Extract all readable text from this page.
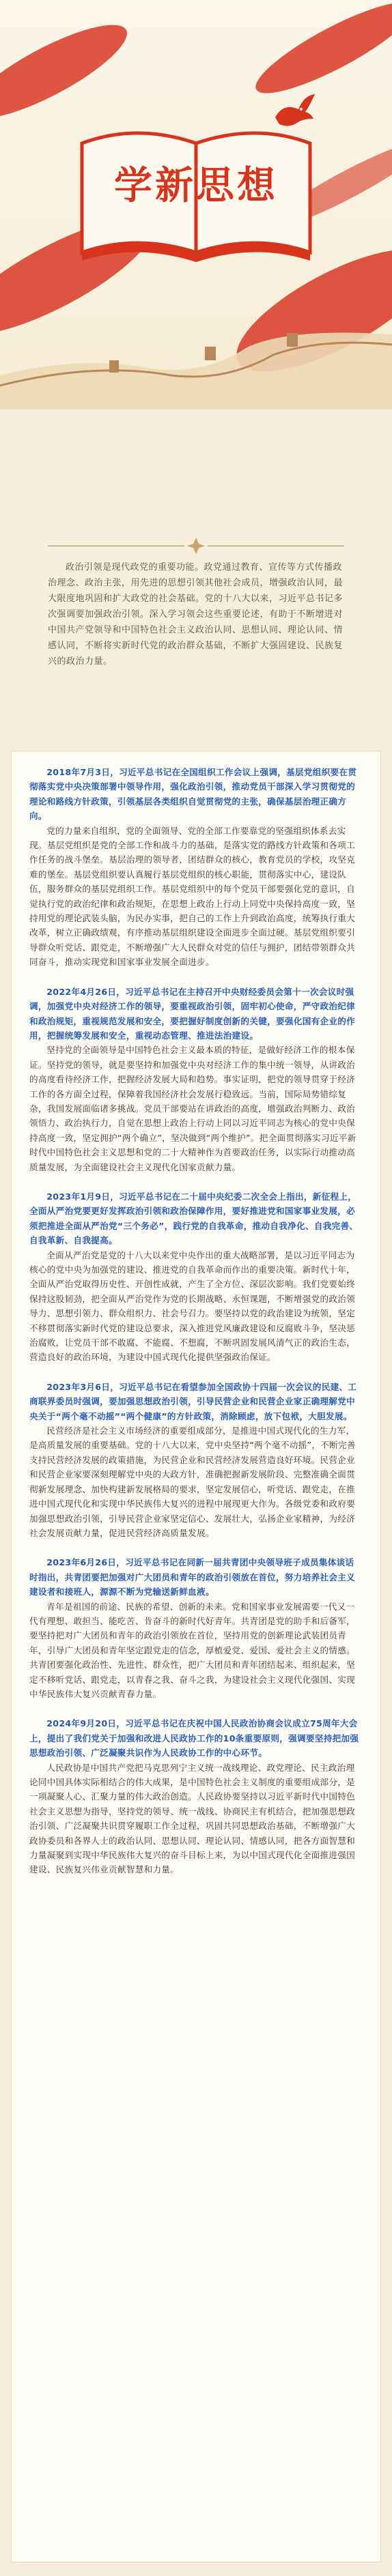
学新思想
政治引领是现代政党的重要功能。政党通过教育、宣传等方式传播政治理念、政治主张，用先进的思想引领其他社会成员，增强政治认同，最大限度地巩固和扩大政党的社会基础。党的十八大以来，习近平总书记多次强调要加强政治引领。深入学习领会这些重要论述，有助于不断增进对中国共产党领导和中国特色社会主义政治认同、思想认同、理论认同、情感认同，不断将实新时代党的政治群众基础，不断扩大强固建设、民族复兴的政治力量。
2018年7月3日，习近平总书记在全国组织工作会议上强调，基层党组织要在贯彻落实党中央决策部署中领导作用，强化政治引领，推动党员干部深入学习贯彻党的理论和路线方针政策，引领基层各类组织自觉贯彻党的主张，确保基层治理正确方向。
党的力量来自组织，党的全面领导、党的全部工作要靠党的坚强组织体系去实现。基层党组织是党的全部工作和战斗力的基础，是落实党的路线方针政策和各项工作任务的战斗堡垒。基层治理的领导者，团结群众的核心，教育党员的学校，攻坚克难的堡垒。基层党组织要认真履行基层党组织的核心职能，贯彻落实中心，建设队伍，服务群众的基层党组织工作。基层党组织中的每个党员干部要强化党的意识，自觉执行党的政治纪律和政治规矩，在思想上政治上行动上同党中央保持高度一致，坚持用党的理论武装头脑，为民办实事，把自己的工作上升到政治高度，统筹执行重大改革，树立正确政绩观，有序推动基层组织建设全面进步全面过硬。基层党组织要引导群众听党话、跟党走，不断增强广大人民群众对党的信任与拥护，团结带领群众共同奋斗，推动实现党和国家事业发展全面进步。
2022年4月26日，习近平总书记在主持召开中央财经委员会第十一次会议时强调，加强党中央对经济工作的领导，要重视政治引领，固牢初心使命，严守政治纪律和政治规矩，重视规范发展和安全，要把握好制度创新的关键，要强化国有企业的作用，把握统筹发展和安全，重视动态管理、推进法治建设。
坚持党的全面领导是中国特色社会主义最本质的特征，是做好经济工作的根本保证。坚持党的领导，就是要坚持和加强党中央对经济工作的集中统一领导，从讲政治的高度看待经济工作，把握经济发展大局和趋势。事实证明，把党的领导贯穿于经济工作的各方面全过程，保障着我国经济社会发展行稳致远。当前，国际局势错综复杂，我国发展面临诸多挑战。党员干部要站在讲政治的高度，增强政治判断力、政治领悟力、政治执行力，自觉在思想上政治上行动上同以习近平同志为核心的党中央保持高度一致，坚定拥护“两个确立”，坚决做到“两个维护”。把全面贯彻落实习近平新时代中国特色社会主义思想和党的二十大精神作为首要政治任务，以实际行动推动高质量发展，为全面建设社会主义现代化国家贡献力量。
2023年1月9日，习近平总书记在二十届中央纪委二次全会上指出，新征程上，全面从严治党要更好发挥政治引领和政治保障作用，要好推进党和国家事业发展，必须把推进全面从严治党“三个务必”，践行党的自我革命，推动自我净化、自我完善、自我革新、自我提高。
全面从严治党是党的十八大以来党中央作出的重大战略部署，是以习近平同志为核心的党中央为加强党的建设、推进党的自我革命而作出的重要决策。新时代十年，全面从严治党取得历史性、开创性成就，产生了全方位、深层次影响。我们党要始终保持这股韧劲，把全面从严治党作为党的长期战略、永恒课题，不断增强党的政治领导力、思想引领力、群众组织力、社会号召力。要坚持以党的政治建设为统领，坚定不移贯彻落实新时代党的建设总要求，深入推进党风廉政建设和反腐败斗争，坚决惩治腐败，让党员干部不敢腐、不能腐、不想腐，不断巩固发展风清气正的政治生态，营造良好的政治环境，为建设中国式现代化提供坚强政治保证。
2023年3月6日，习近平总书记在看望参加全国政协十四届一次会议的民建、工商联界委员时强调，要加强思想政治引领，引导民营企业和民营企业家正确理解党中央关于“两个毫不动摇”“两个健康”的方针政策，消除顾虑，放下包袱，大胆发展。
民营经济是社会主义市场经济的重要组成部分，是推进中国式现代化的生力军，是高质量发展的重要基础。党的十八大以来，党中央坚持“两个毫不动摇”，不断完善支持民营经济发展的政策措施，为民营企业和民营经济发展营造良好环境。民营企业和民营企业家要深刻理解党中央的大政方针，准确把握新发展阶段、完整准确全面贯彻新发展理念、加快构建新发展格局的要求，坚定发展信心，听党话、跟党走，在推进中国式现代化和实现中华民族伟大复兴的进程中展现更大作为。各级党委和政府要加强思想政治引领，引导民营企业家坚定信心、发展壮大，弘扬企业家精神，为经济社会发展贡献力量，促进民营经济高质量发展。
2023年6月26日，习近平总书记在同新一届共青团中央领导班子成员集体谈话时指出，共青团要把加强对广大团员和青年的政治引领放在首位，努力培养社会主义建设者和接班人，源源不断为党输送新鲜血液。
青年是祖国的前途、民族的希望、创新的未来。党和国家事业发展需要一代又一代有理想、敢担当、能吃苦、肯奋斗的新时代好青年。共青团是党的助手和后备军，要坚持把对广大团员和青年的政治引领放在首位，坚持用党的创新理论武装团员青年，引导广大团员和青年坚定跟党走的信念，厚植爱党、爱国、爱社会主义的情感。共青团要强化政治性、先进性、群众性，把广大团员和青年团结起来、组织起来，坚定不移听党话、跟党走，以青春之我、奋斗之我，为建设社会主义现代化强国、实现中华民族伟大复兴贡献青春力量。
2024年9月20日，习近平总书记在庆祝中国人民政治协商会议成立75周年大会上，提出了我们党关于加强和改进人民政协工作的10条重要原则，强调要坚持把加强思想政治引领、广泛凝聚共识作为人民政协工作的中心环节。
人民政协是中国共产党把马克思列宁主义统一战线理论、政党理论、民主政治理论同中国具体实际相结合的伟大成果，是中国特色社会主义制度的重要组成部分，是一项凝聚人心、汇聚力量的伟大政治创造。人民政协要坚持以习近平新时代中国特色社会主义思想为指导，坚持党的领导、统一战线、协商民主有机结合，把加强思想政治引领、广泛凝聚共识贯穿履职工作全过程，巩固共同思想政治基础，不断增强广大政协委员和各界人士的政治认同、思想认同、理论认同、情感认同，把各方面智慧和力量凝聚到实现中华民族伟大复兴的奋斗目标上来，为以中国式现代化全面推进强国建设、民族复兴伟业贡献智慧和力量。
